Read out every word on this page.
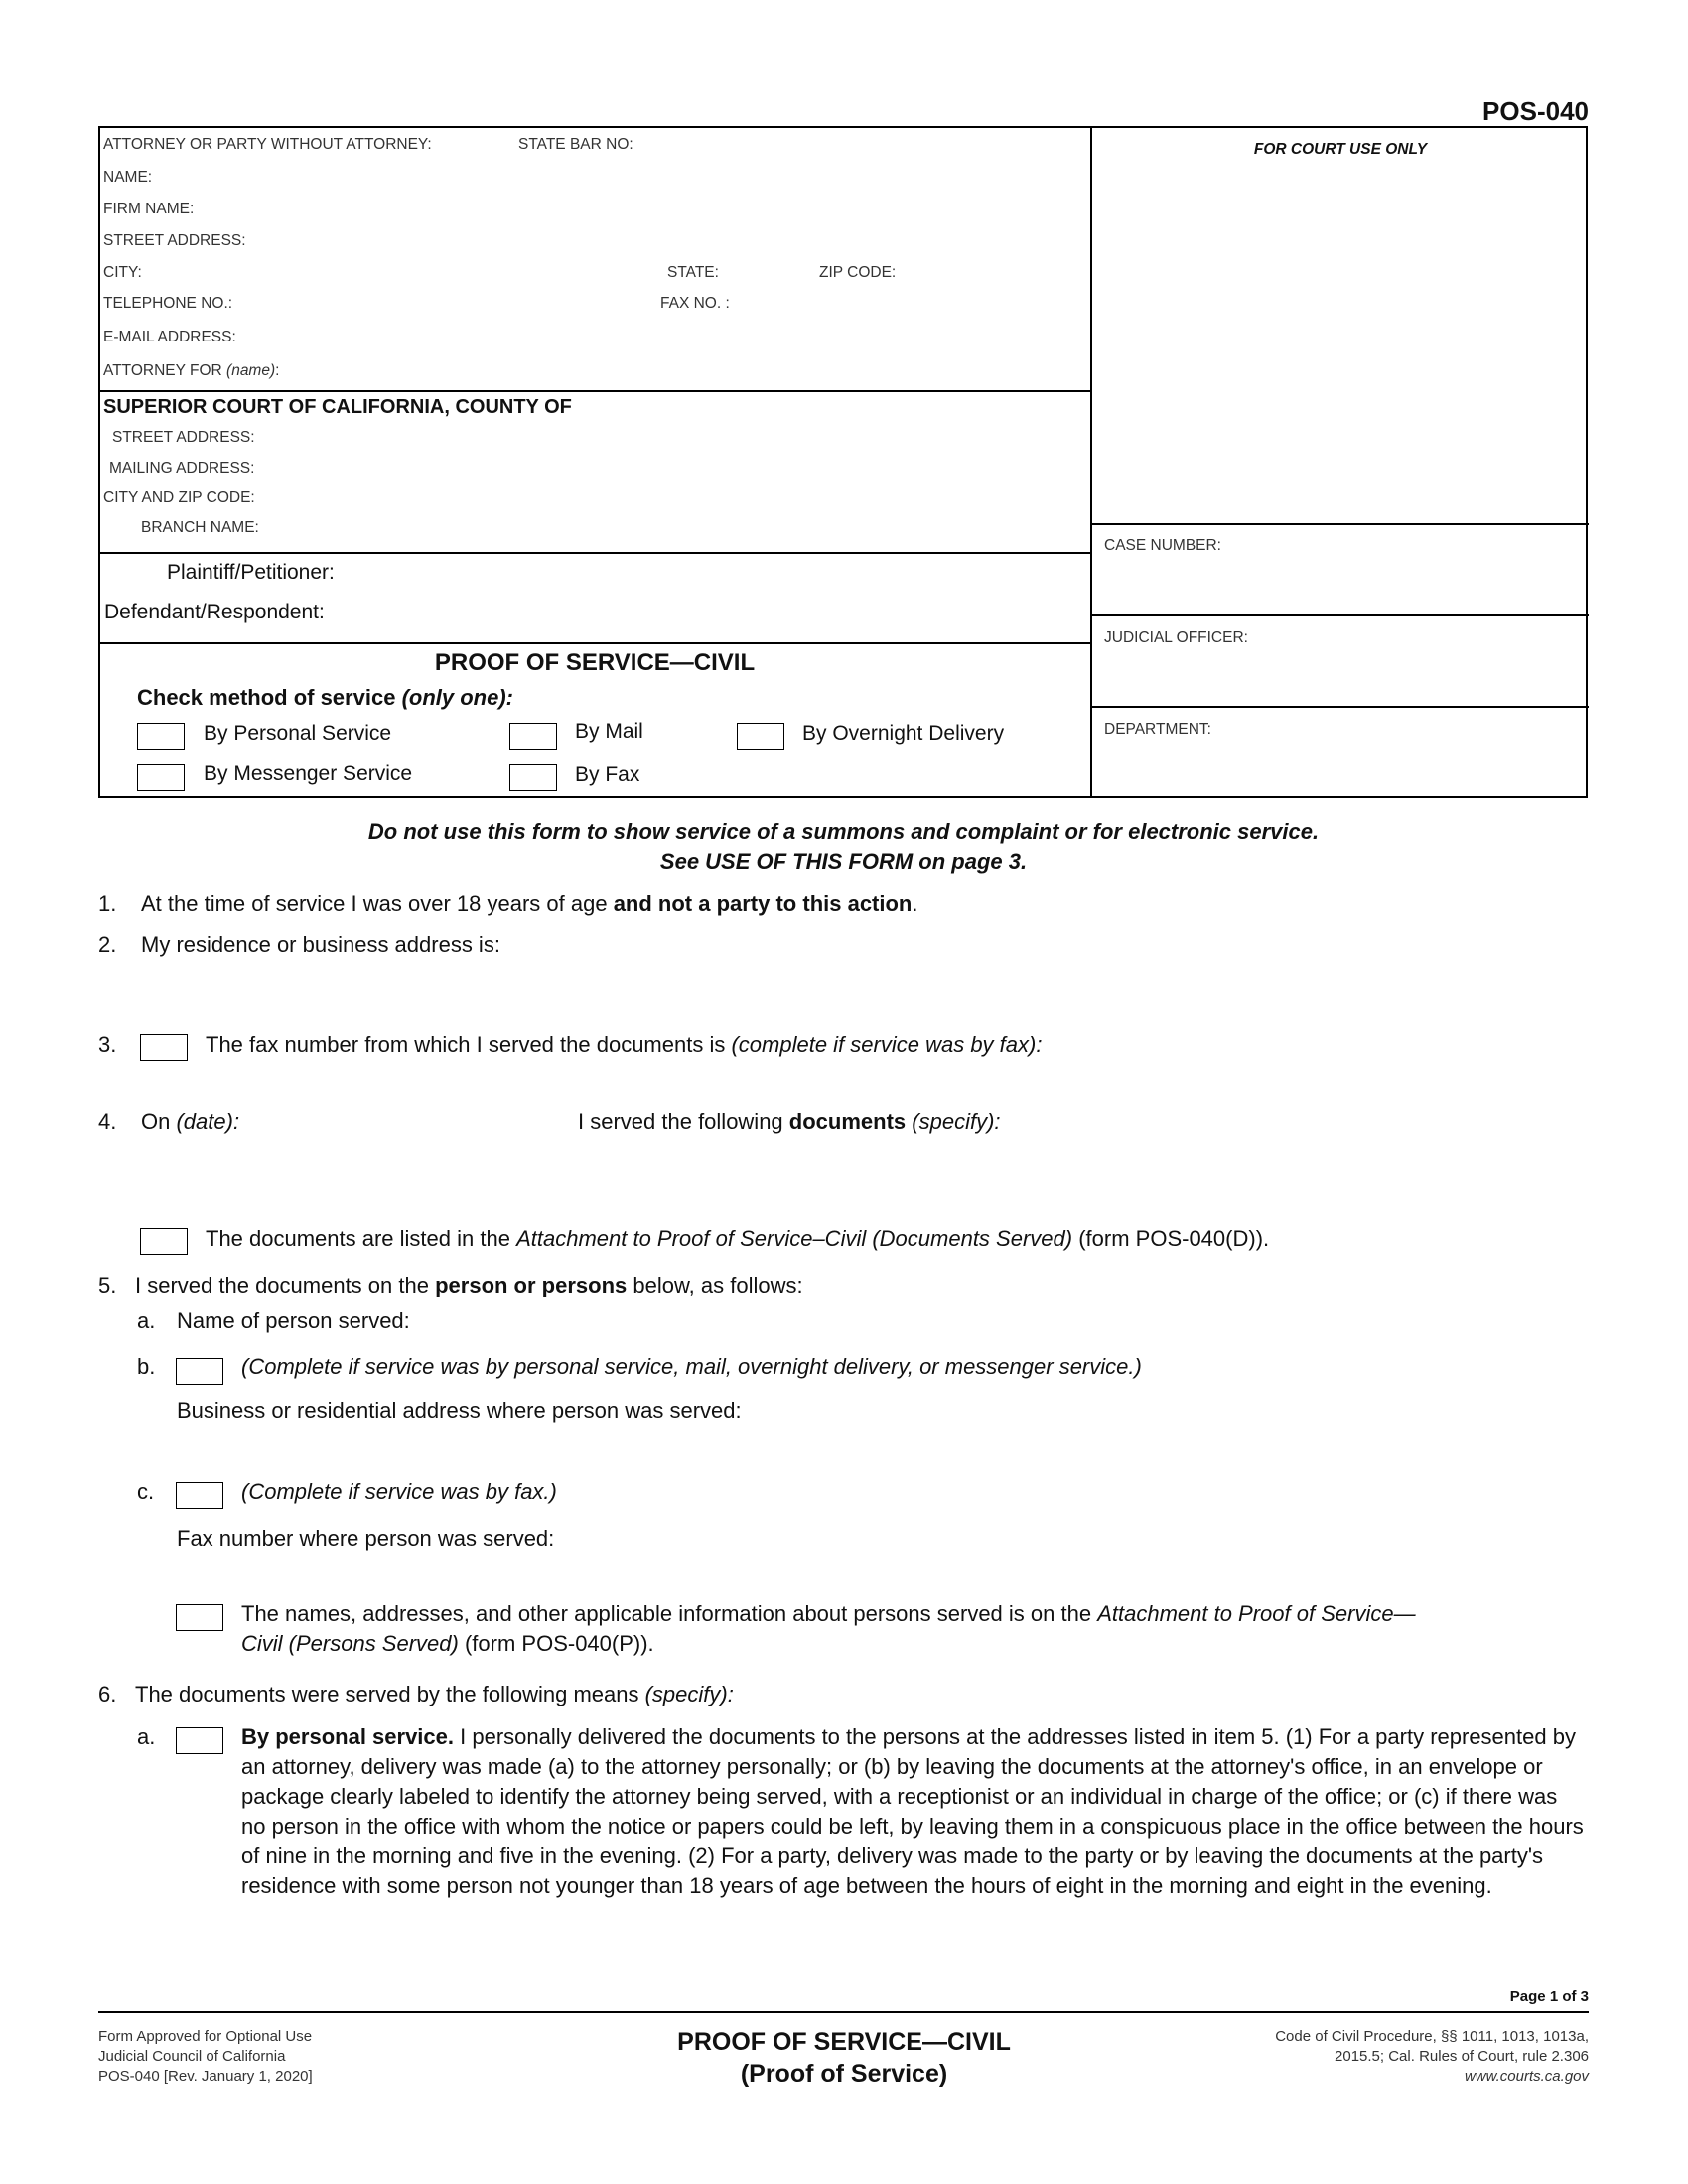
POS-040
ATTORNEY OR PARTY WITHOUT ATTORNEY:	STATE BAR NO:
NAME:
FIRM NAME:
STREET ADDRESS:
CITY:	STATE:	ZIP CODE:
TELEPHONE NO.:	FAX NO. :
E-MAIL ADDRESS:
ATTORNEY FOR (name):
FOR COURT USE ONLY
SUPERIOR COURT OF CALIFORNIA, COUNTY OF
STREET ADDRESS:
MAILING ADDRESS:
CITY AND ZIP CODE:
BRANCH NAME:
Plaintiff/Petitioner:
Defendant/Respondent:
CASE NUMBER:
JUDICIAL OFFICER:
DEPARTMENT:
PROOF OF SERVICE—CIVIL
Check method of service (only one):
By Personal Service	By Mail	By Overnight Delivery
By Messenger Service	By Fax
Do not use this form to show service of a summons and complaint or for electronic service.
See USE OF THIS FORM on page 3.
1. At the time of service I was over 18 years of age and not a party to this action.
2. My residence or business address is:
3.	The fax number from which I served the documents is (complete if service was by fax):
4. On (date):	I served the following documents (specify):
The documents are listed in the Attachment to Proof of Service–Civil (Documents Served) (form POS-040(D)).
5. I served the documents on the person or persons below, as follows:
a. Name of person served:
b.	(Complete if service was by personal service, mail, overnight delivery, or messenger service.)
Business or residential address where person was served:
c.	(Complete if service was by fax.)
Fax number where person was served:
The names, addresses, and other applicable information about persons served is on the Attachment to Proof of Service—
Civil (Persons Served) (form POS-040(P)).
6. The documents were served by the following means (specify):
a.	By personal service. I personally delivered the documents to the persons at the addresses listed in item 5. (1) For a party represented by an attorney, delivery was made (a) to the attorney personally; or (b) by leaving the documents at the attorney's office, in an envelope or package clearly labeled to identify the attorney being served, with a receptionist or an individual in charge of the office; or (c) if there was no person in the office with whom the notice or papers could be left, by leaving them in a conspicuous place in the office between the hours of nine in the morning and five in the evening. (2) For a party, delivery was made to the party or by leaving the documents at the party's residence with some person not younger than 18 years of age between the hours of eight in the morning and eight in the evening.
Page 1 of 3
Form Approved for Optional Use
Judicial Council of California
POS-040 [Rev. January 1, 2020]
PROOF OF SERVICE—CIVIL
(Proof of Service)
Code of Civil Procedure, §§ 1011, 1013, 1013a,
2015.5; Cal. Rules of Court, rule 2.306
www.courts.ca.gov
